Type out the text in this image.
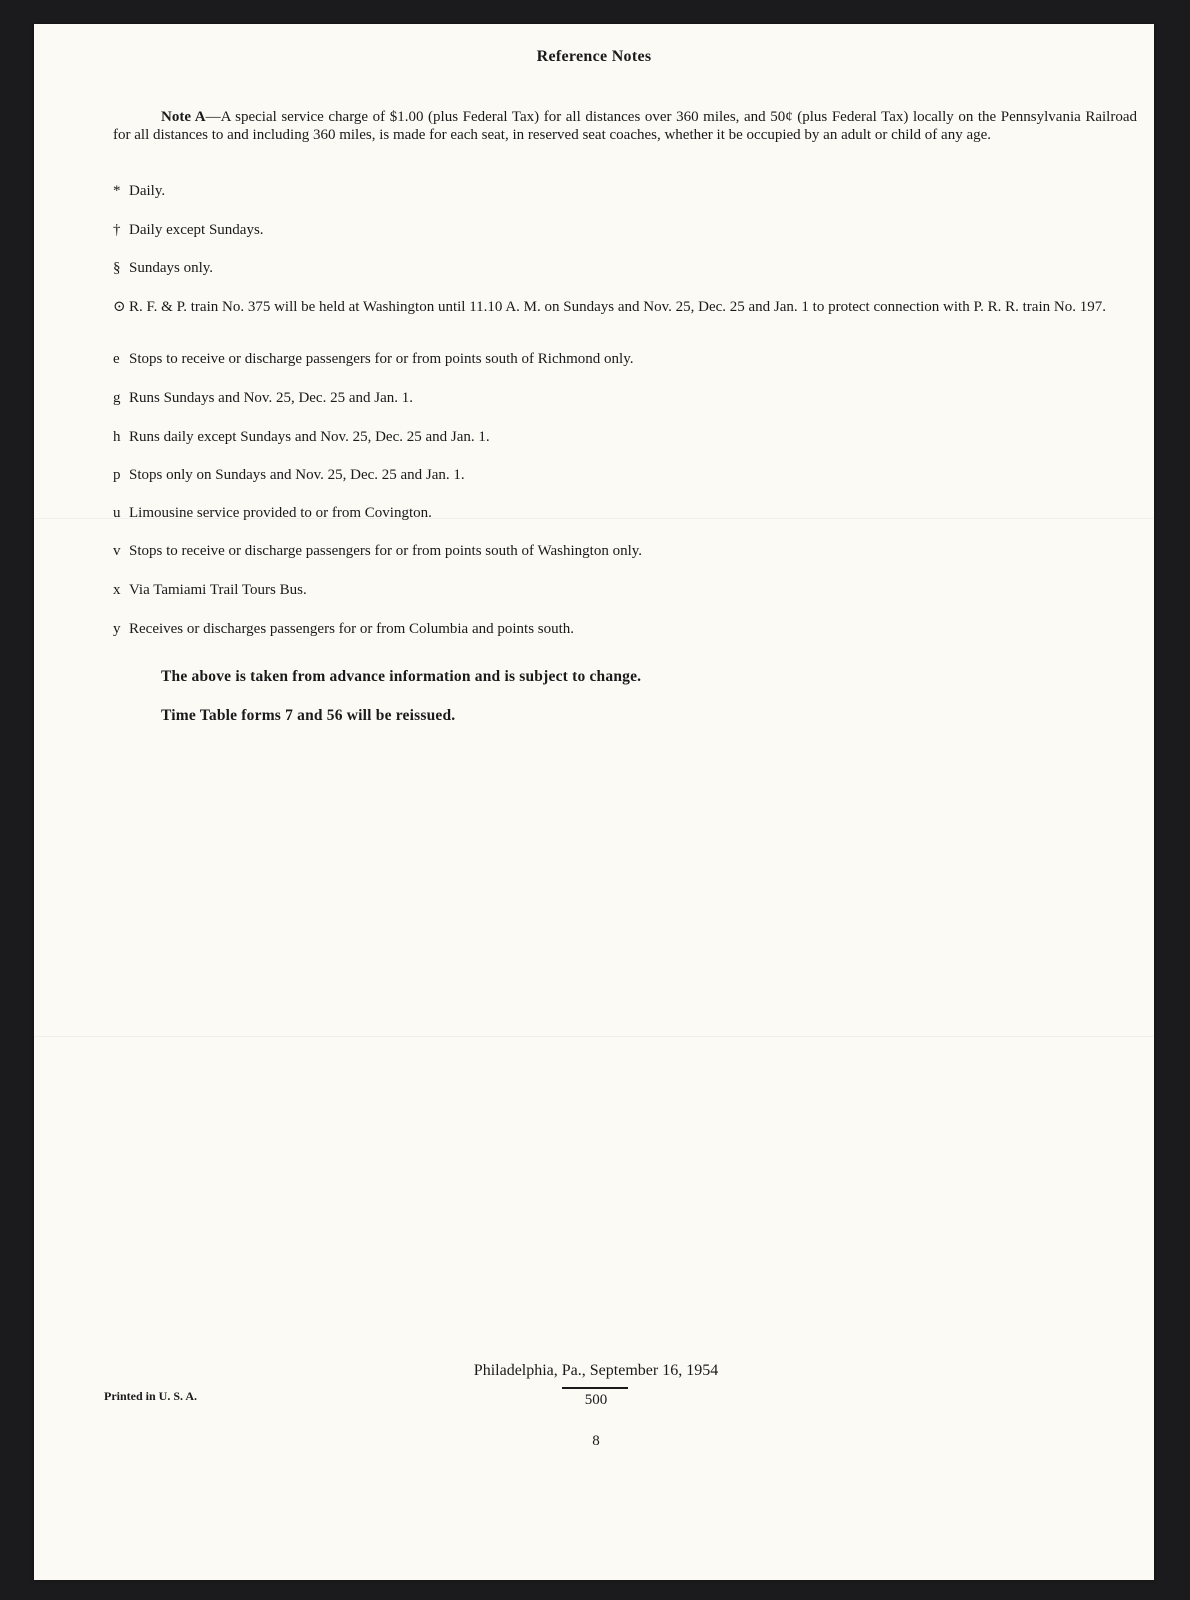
Reference Notes
Note A—A special service charge of $1.00 (plus Federal Tax) for all distances over 360 miles, and 50¢ (plus Federal Tax) locally on the Pennsylvania Railroad for all distances to and including 360 miles, is made for each seat, in reserved seat coaches, whether it be occupied by an adult or child of any age.
* Daily.
† Daily except Sundays.
§ Sundays only.
⊙ R. F. & P. train No. 375 will be held at Washington until 11.10 A. M. on Sundays and Nov. 25, Dec. 25 and Jan. 1 to protect connection with P. R. R. train No. 197.
e Stops to receive or discharge passengers for or from points south of Richmond only.
g Runs Sundays and Nov. 25, Dec. 25 and Jan. 1.
h Runs daily except Sundays and Nov. 25, Dec. 25 and Jan. 1.
p Stops only on Sundays and Nov. 25, Dec. 25 and Jan. 1.
u Limousine service provided to or from Covington.
v Stops to receive or discharge passengers for or from points south of Washington only.
x Via Tamiami Trail Tours Bus.
y Receives or discharges passengers for or from Columbia and points south.
The above is taken from advance information and is subject to change.
Time Table forms 7 and 56 will be reissued.
Printed in U. S. A.
Philadelphia, Pa., September 16, 1954
500
8
